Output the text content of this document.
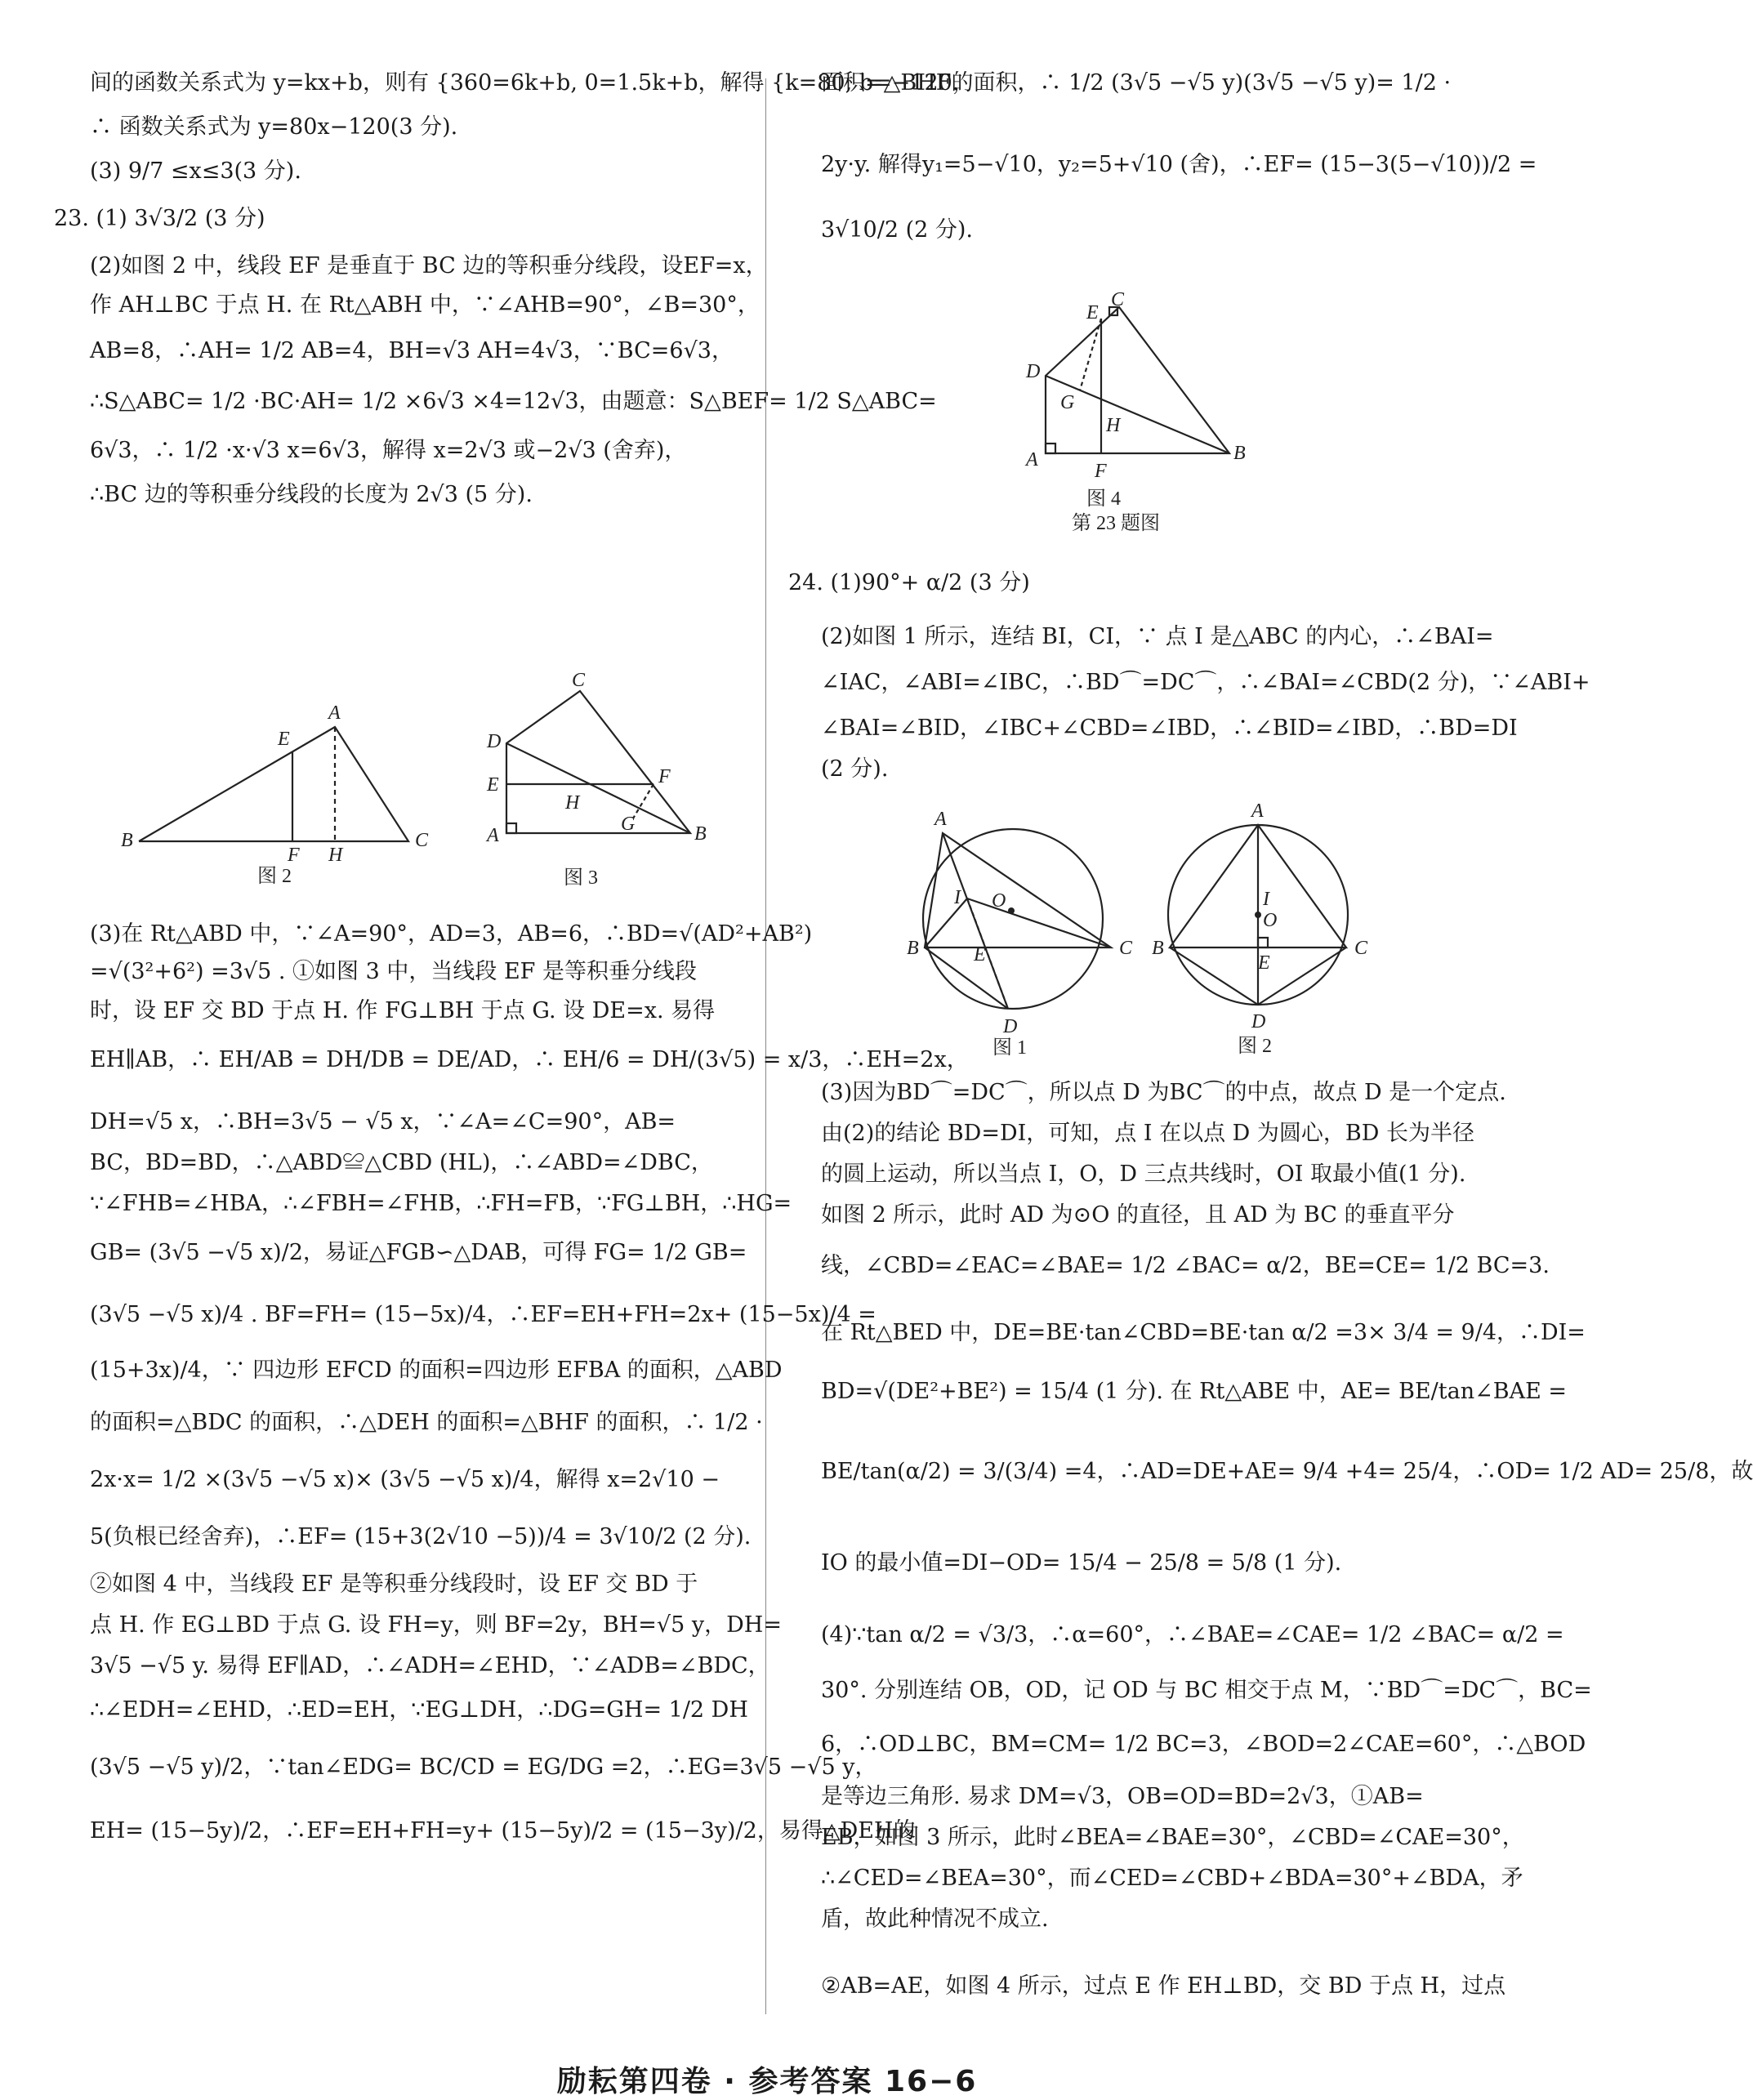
间的函数关系式为 y=kx+b，则有 {360=6k+b, 0=1.5k+b，解得 {k=80, b=−120，
∴ 函数关系式为 y=80x−120(3 分).
(3) 9/7 ≤x≤3(3 分).
23. (1) 3√3/2 (3 分)
(2)如图 2 中，线段 EF 是垂直于 BC 边的等积垂分线段，设EF=x，
作 AH⊥BC 于点 H. 在 Rt△ABH 中，∵∠AHB=90°，∠B=30°，
AB=8，∴AH= 1/2 AB=4，BH=√3 AH=4√3，∵BC=6√3，
∴S△ABC= 1/2 ·BC·AH= 1/2 ×6√3 ×4=12√3，由题意：S△BEF= 1/2 S△ABC=
6√3，∴ 1/2 ·x·√3 x=6√3，解得 x=2√3 或−2√3 (舍弃)，
∴BC 边的等积垂分线段的长度为 2√3 (5 分).
(3)在 Rt△ABD 中，∵∠A=90°，AD=3，AB=6，∴BD=√(AD²+AB²)
=√(3²+6²) =3√5 . ①如图 3 中，当线段 EF 是等积垂分线段
时，设 EF 交 BD 于点 H. 作 FG⊥BH 于点 G. 设 DE=x. 易得
EH∥AB，∴ EH/AB = DH/DB = DE/AD，∴ EH/6 = DH/(3√5) = x/3，∴EH=2x，
DH=√5 x，∴BH=3√5 − √5 x，∵∠A=∠C=90°，AB=
BC，BD=BD，∴△ABD≌△CBD (HL)，∴∠ABD=∠DBC，
∵∠FHB=∠HBA，∴∠FBH=∠FHB，∴FH=FB，∵FG⊥BH，∴HG=
GB= (3√5 −√5 x)/2，易证△FGB∽△DAB，可得 FG= 1/2 GB=
(3√5 −√5 x)/4 . BF=FH= (15−5x)/4，∴EF=EH+FH=2x+ (15−5x)/4 =
(15+3x)/4，∵ 四边形 EFCD 的面积=四边形 EFBA 的面积，△ABD
的面积=△BDC 的面积，∴△DEH 的面积=△BHF 的面积，∴ 1/2 ·
2x·x= 1/2 ×(3√5 −√5 x)× (3√5 −√5 x)/4，解得 x=2√10 −
5(负根已经舍弃)，∴EF= (15+3(2√10 −5))/4 = 3√10/2 (2 分).
②如图 4 中，当线段 EF 是等积垂分线段时，设 EF 交 BD 于
点 H. 作 EG⊥BD 于点 G. 设 FH=y，则 BF=2y，BH=√5 y，DH=
3√5 −√5 y. 易得 EF∥AD，∴∠ADH=∠EHD，∵∠ADB=∠BDC，
∴∠EDH=∠EHD，∴ED=EH，∵EG⊥DH，∴DG=GH= 1/2 DH
(3√5 −√5 y)/2，∵tan∠EDG= BC/CD = EG/DG =2，∴EG=3√5 −√5 y，
EH= (15−5y)/2，∴EF=EH+FH=y+ (15−5y)/2 = (15−3y)/2，易得△DEH的
A
E
B
F H
C
图 2
C
D
E	F
H
G
A	B
图 3
面积=△BHF的面积，∴ 1/2 (3√5 −√5 y)(3√5 −√5 y)= 1/2 ·
2y·y. 解得y₁=5−√10，y₂=5+√10 (舍)，∴EF= (15−3(5−√10))/2 =
3√10/2 (2 分).
24. (1)90°+ α/2 (3 分)
(2)如图 1 所示，连结 BI，CI，∵ 点 I 是△ABC 的内心，∴∠BAI=
∠IAC，∠ABI=∠IBC，∴BD⌒=DC⌒，∴∠BAI=∠CBD(2 分)，∵∠ABI+
∠BAI=∠BID，∠IBC+∠CBD=∠IBD，∴∠BID=∠IBD，∴BD=DI
(2 分).
(3)因为BD⌒=DC⌒，所以点 D 为BC⌒的中点，故点 D 是一个定点.
由(2)的结论 BD=DI，可知，点 I 在以点 D 为圆心，BD 长为半径
的圆上运动，所以当点 I，O，D 三点共线时，OI 取最小值(1 分).
如图 2 所示，此时 AD 为⊙O 的直径，且 AD 为 BC 的垂直平分
线，∠CBD=∠EAC=∠BAE= 1/2 ∠BAC= α/2，BE=CE= 1/2 BC=3.
在 Rt△BED 中，DE=BE·tan∠CBD=BE·tan α/2 =3× 3/4 = 9/4，∴DI=
BD=√(DE²+BE²) = 15/4 (1 分). 在 Rt△ABE 中，AE= BE/tan∠BAE =
BE/tan(α/2) = 3/(3/4) =4，∴AD=DE+AE= 9/4 +4= 25/4，∴OD= 1/2 AD= 25/8，故
IO 的最小值=DI−OD= 15/4 − 25/8 = 5/8 (1 分).
(4)∵tan α/2 = √3/3，∴α=60°，∴∠BAE=∠CAE= 1/2 ∠BAC= α/2 =
30°. 分别连结 OB，OD，记 OD 与 BC 相交于点 M，∵BD⌒=DC⌒，BC=
6，∴OD⊥BC，BM=CM= 1/2 BC=3，∠BOD=2∠CAE=60°，∴△BOD
是等边三角形. 易求 DM=√3，OB=OD=BD=2√3，①AB=
EB，如图 3 所示，此时∠BEA=∠BAE=30°，∠CBD=∠CAE=30°，
∴∠CED=∠BEA=30°，而∠CED=∠CBD+∠BDA=30°+∠BDA，矛
盾，故此种情况不成立.
②AB=AE，如图 4 所示，过点 E 作 EH⊥BD，交 BD 于点 H，过点
E
C
D
G
H
A
F
B
图 4
第 23 题图
A
I O
B	E	C
D
图 1
A
I
O
B
E
C
D
图 2
励耘第四卷 · 参考答案 16−6
